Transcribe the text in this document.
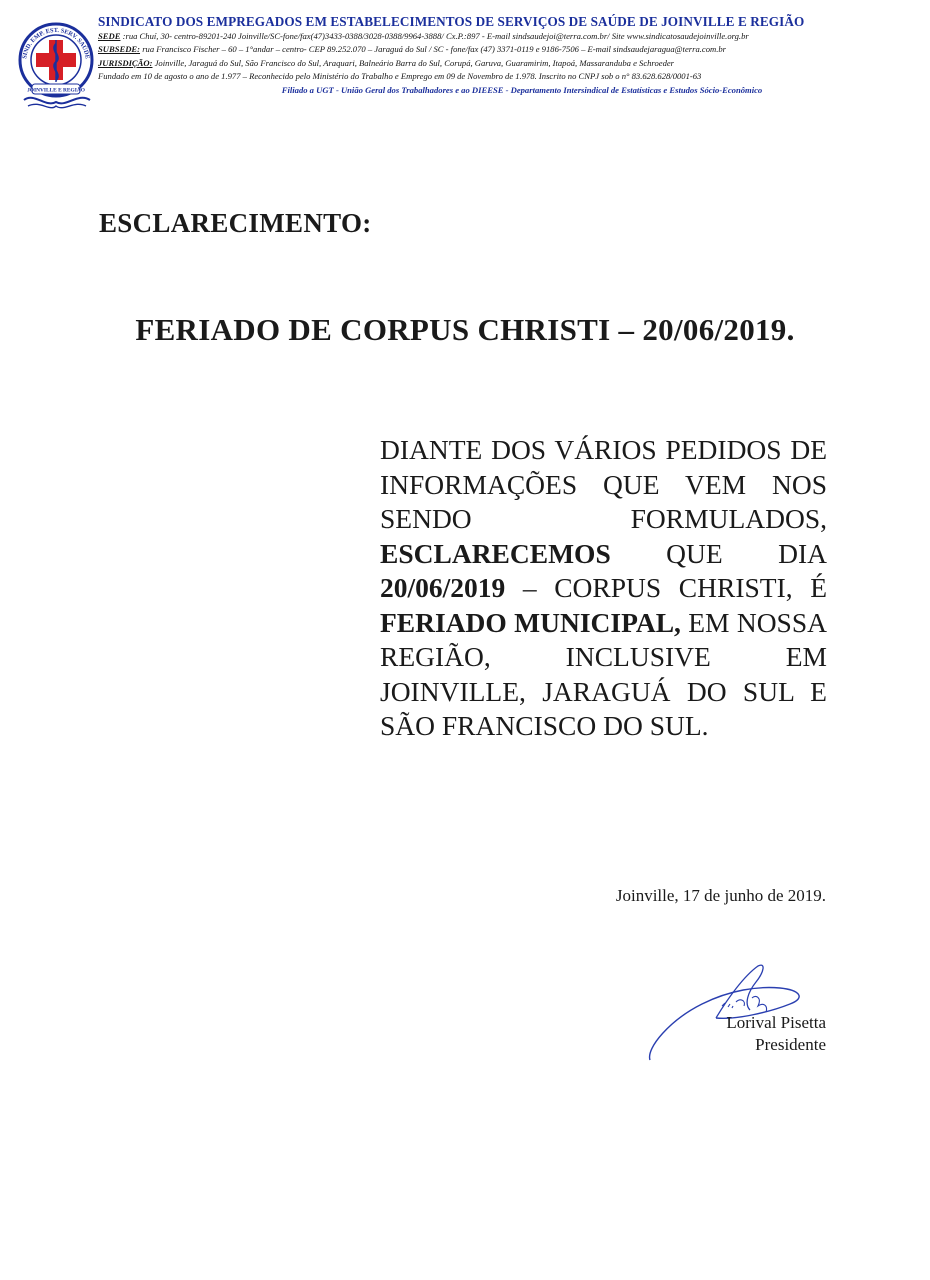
SIND. EMP. EST. SERV. SAÚDE
JOINVILLE E REGIÃO
SINDICATO DOS EMPREGADOS EM ESTABELECIMENTOS DE SERVIÇOS DE SAÚDE DE JOINVILLE E REGIÃO
SEDE :rua Chuí, 30- centro-89201-240 Joinville/SC-fone/fax(47)3433-0388/3028-0388/9964-3888/ Cx.P.:897 - E-mail sindsaudejoi@terra.com.br/ Site www.sindicatosaudejoinville.org.br
SUBSEDE: rua Francisco Fischer – 60 – 1°andar – centro- CEP 89.252.070 – Jaraguá do Sul / SC - fone/fax (47) 3371-0119 e 9186-7506 – E-mail sindsaudejaragua@terra.com.br
JURISDIÇÃO: Joinville, Jaraguá do Sul, São Francisco do Sul, Araquari, Balneário Barra do Sul, Corupá, Garuva, Guaramirim, Itapoá, Massaranduba e Schroeder
Fundado em 10 de agosto o ano de 1.977 – Reconhecido pelo Ministério do Trabalho e Emprego em 09 de Novembro de 1.978. Inscrito no CNPJ sob o n° 83.628.628/0001-63
Filiado a UGT - União Geral dos Trabalhadores e ao DIEESE - Departamento Intersindical de Estatísticas e Estudos Sócio-Econômico
ESCLARECIMENTO:
FERIADO DE CORPUS CHRISTI – 20/06/2019.
DIANTE DOS VÁRIOS PEDIDOS DE INFORMAÇÕES QUE VEM NOS SENDO FORMULADOS, ESCLARECEMOS QUE DIA 20/06/2019 – CORPUS CHRISTI, É FERIADO MUNICIPAL, EM NOSSA REGIÃO, INCLUSIVE EM JOINVILLE, JARAGUÁ DO SUL E SÃO FRANCISCO DO SUL.
Joinville, 17 de junho de 2019.
Lorival Pisetta
Presidente
